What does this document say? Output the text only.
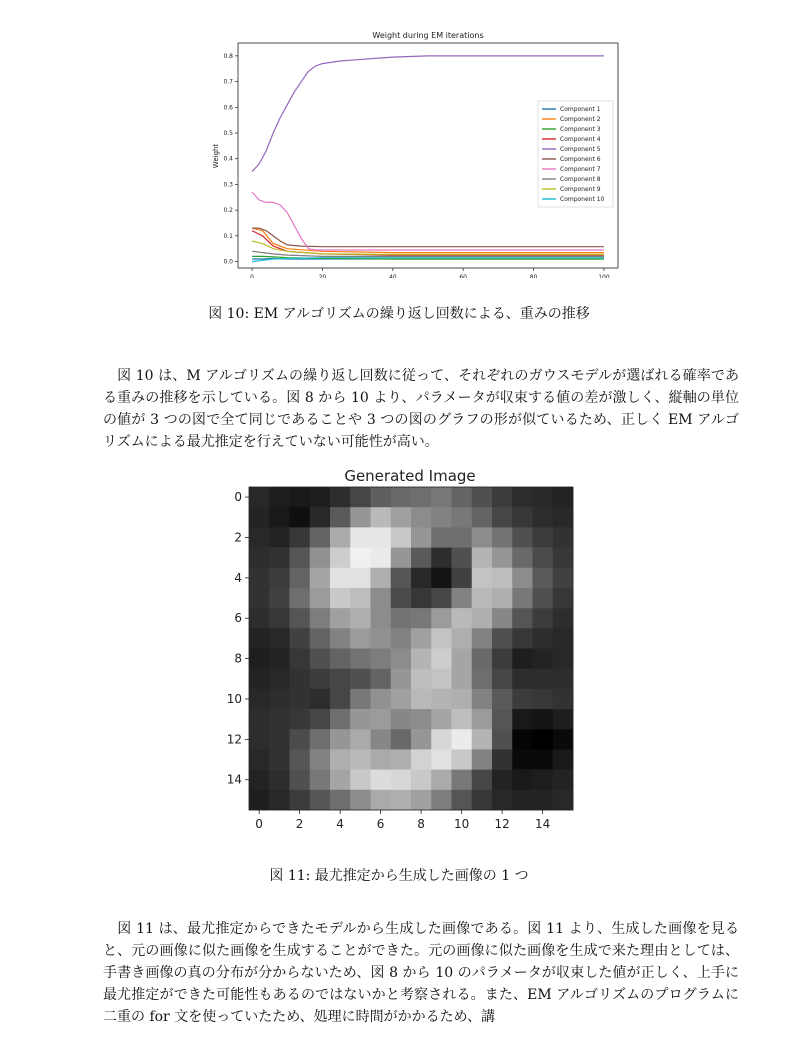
Weight during EM iterations
Weight
0	20	40	60	80	100
0.0
0.1
0.2
0.3
0.4
0.5
0.6
0.7
0.8
Component 1
Component 2
Component 3
Component 4
Component 5
Component 6
Component 7
Component 8
Component 9
Component 10
図 10: EM アルゴリズムの繰り返し回数による、重みの推移

　図 10 は、M アルゴリズムの繰り返し回数に従って、それぞれのガウスモデルが選ばれる確率である重みの推移を示している。図 8 から 10 より、パラメータが収束する値の差が激しく、縦軸の単位の値が 3 つの図で全て同じであることや 3 つの図のグラフの形が似ているため、正しく EM アルゴリズムによる最尤推定を行えていない可能性が高い。

Generated Image
0	2	4	6	8 10 12 14
0
2
4
6
8
10
12
14
図 11: 最尤推定から生成した画像の 1 つ

　図 11 は、最尤推定からできたモデルから生成した画像である。図 11 より、生成した画像を見ると、元の画像に似た画像を生成することができた。元の画像に似た画像を生成で来た理由としては、手書き画像の真の分布が分からないため、図 8 から 10 のパラメータが収束した値が正しく、上手に最尤推定ができた可能性もあるのではないかと考察される。また、EM アルゴリズムのプログラムに二重の for 文を使っていたため、処理に時間がかかるため、講
